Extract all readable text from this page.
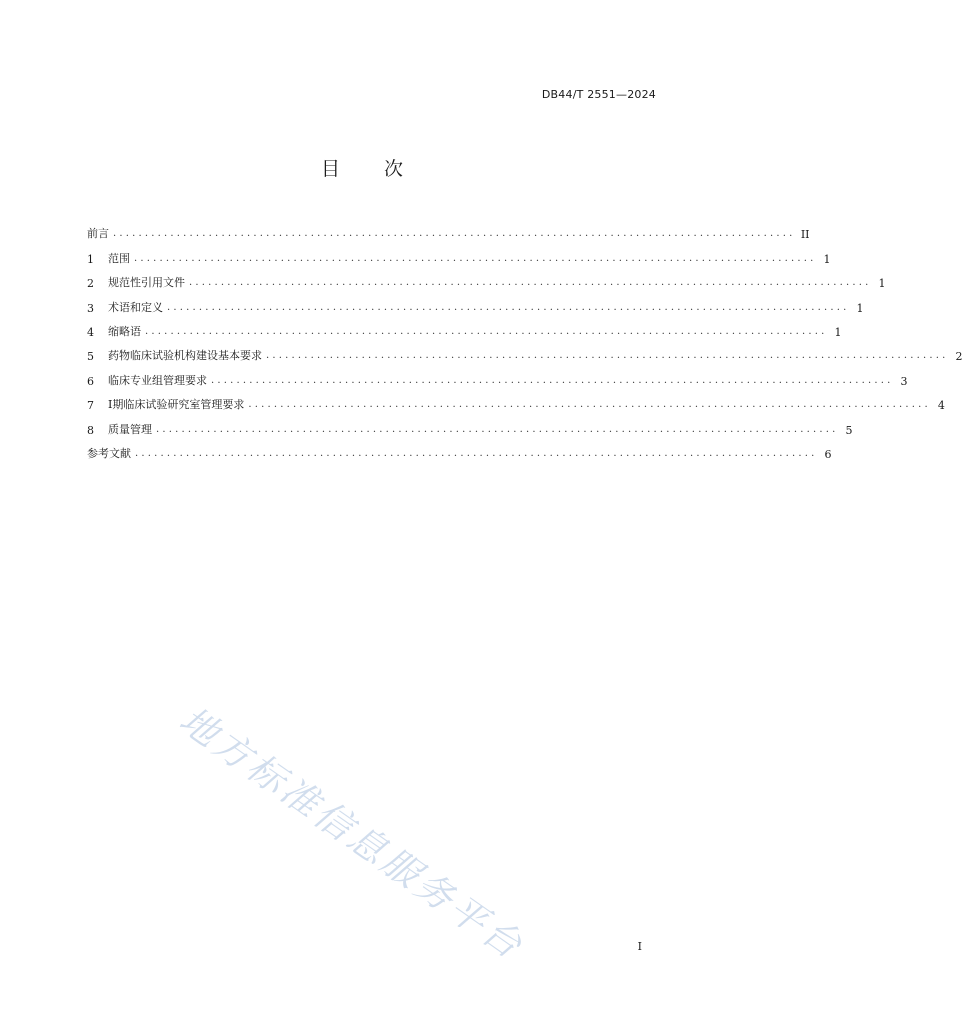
DB44/T 2551—2024
目 次
前言 ........................................................................................................... II
1	范围 ........................................................................................................... 1
2	规范性引用文件 ........................................................................................................... 1
3	术语和定义 ........................................................................................................... 1
4	缩略语 ........................................................................................................... 1
5	药物临床试验机构建设基本要求 ........................................................................................................... 2
6	临床专业组管理要求 ........................................................................................................... 3
7	I期临床试验研究室管理要求 ........................................................................................................... 4
8	质量管理 ........................................................................................................... 5
参考文献 ........................................................................................................... 6
地方标准信息服务平台	I
